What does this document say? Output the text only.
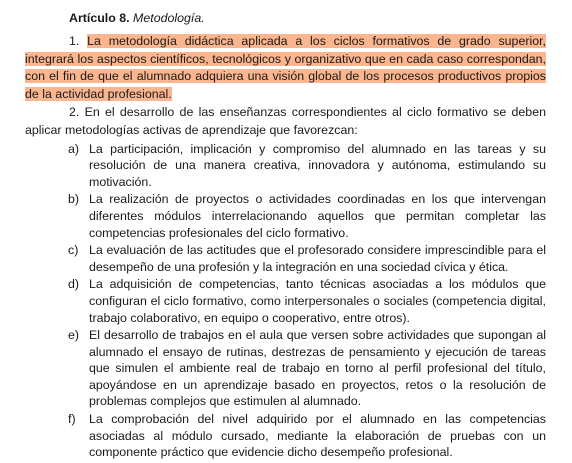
Artículo 8. Metodología.

1. La metodología didáctica aplicada a los ciclos formativos de grado superior, integrará los aspectos científicos, tecnológicos y organizativo que en cada caso correspondan, con el fin de que el alumnado adquiera una visión global de los procesos productivos propios de la actividad profesional.

2. En el desarrollo de las enseñanzas correspondientes al ciclo formativo se deben aplicar metodologías activas de aprendizaje que favorezcan:

a) La participación, implicación y compromiso del alumnado en las tareas y su resolución de una manera creativa, innovadora y autónoma, estimulando su motivación.
b) La realización de proyectos o actividades coordinadas en los que intervengan diferentes módulos interrelacionando aquellos que permitan completar las competencias profesionales del ciclo formativo.
c) La evaluación de las actitudes que el profesorado considere imprescindible para el desempeño de una profesión y la integración en una sociedad cívica y ética.
d) La adquisición de competencias, tanto técnicas asociadas a los módulos que configuran el ciclo formativo, como interpersonales o sociales (competencia digital, trabajo colaborativo, en equipo o cooperativo, entre otros).
e) El desarrollo de trabajos en el aula que versen sobre actividades que supongan al alumnado el ensayo de rutinas, destrezas de pensamiento y ejecución de tareas que simulen el ambiente real de trabajo en torno al perfil profesional del título, apoyándose en un aprendizaje basado en proyectos, retos o la resolución de problemas complejos que estimulen al alumnado.
f) La comprobación del nivel adquirido por el alumnado en las competencias asociadas al módulo cursado, mediante la elaboración de pruebas con un componente práctico que evidencie dicho desempeño profesional.
